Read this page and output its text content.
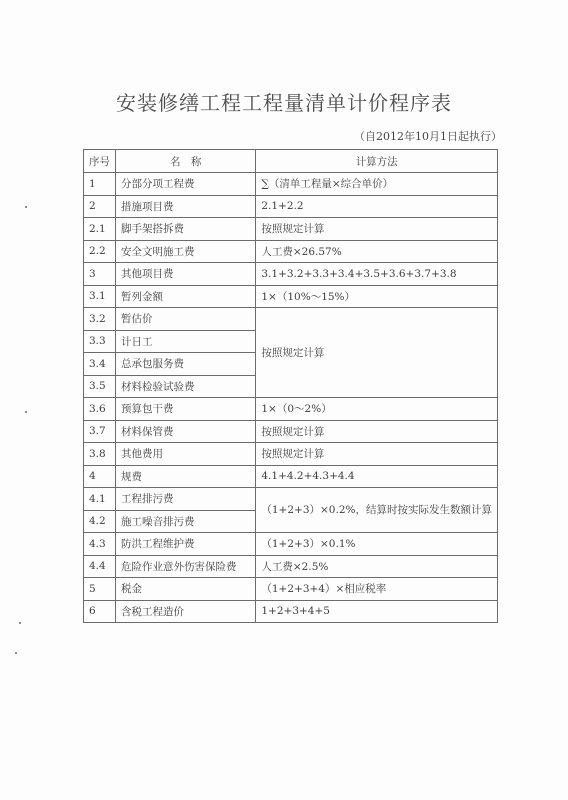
安装修缮工程工程量清单计价程序表
（自2012年10月1日起执行）
序号	名　称	计算方法
1	分部分项工程费	∑（清单工程量×综合单价）
2	措施项目费	2.1+2.2
2.1	脚手架搭拆费	按照规定计算
2.2	安全文明施工费	人工费×26.57%
3	其他项目费	3.1+3.2+3.3+3.4+3.5+3.6+3.7+3.8
3.1	暂列金额	1×（10%～15%）
3.2	暂估价	按照规定计算
3.3	计日工	
3.4	总承包服务费	
3.5	材料检验试验费	
3.6	预算包干费	1×（0～2%）
3.7	材料保管费	按照规定计算
3.8	其他费用	按照规定计算
4	规费	4.1+4.2+4.3+4.4
4.1	工程排污费	（1+2+3）×0.2%，结算时按实际发生数额计算
4.2	施工噪音排污费	
4.3	防洪工程维护费	（1+2+3）×0.1%
4.4	危险作业意外伤害保险费	人工费×2.5%
5	税金	（1+2+3+4）×相应税率
6	含税工程造价	1+2+3+4+5
